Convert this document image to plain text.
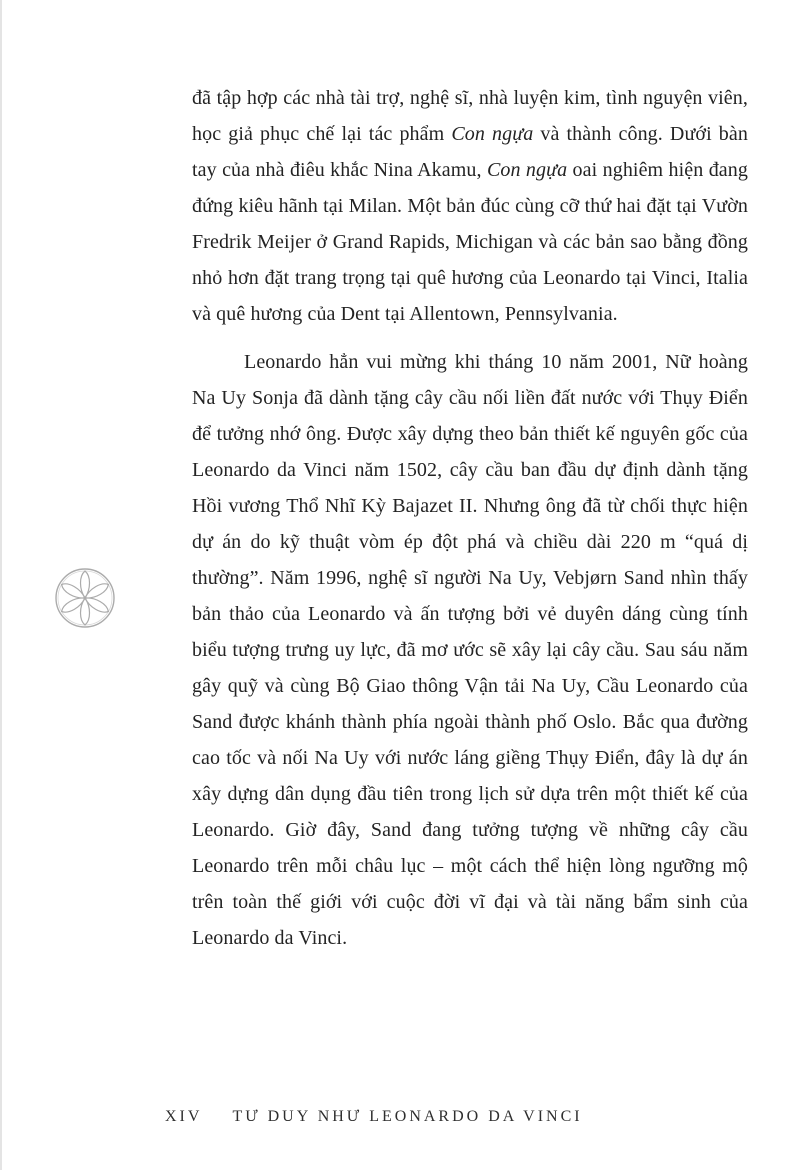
đã tập hợp các nhà tài trợ, nghệ sĩ, nhà luyện kim, tình nguyện viên, học giả phục chế lại tác phẩm Con ngựa và thành công. Dưới bàn tay của nhà điêu khắc Nina Akamu, Con ngựa oai nghiêm hiện đang đứng kiêu hãnh tại Milan. Một bản đúc cùng cỡ thứ hai đặt tại Vườn Fredrik Meijer ở Grand Rapids, Michigan và các bản sao bằng đồng nhỏ hơn đặt trang trọng tại quê hương của Leonardo tại Vinci, Italia và quê hương của Dent tại Allentown, Pennsylvania.

Leonardo hẳn vui mừng khi tháng 10 năm 2001, Nữ hoàng Na Uy Sonja đã dành tặng cây cầu nối liền đất nước với Thụy Điển để tưởng nhớ ông. Được xây dựng theo bản thiết kế nguyên gốc của Leonardo da Vinci năm 1502, cây cầu ban đầu dự định dành tặng Hồi vương Thổ Nhĩ Kỳ Bajazet II. Nhưng ông đã từ chối thực hiện dự án do kỹ thuật vòm ép đột phá và chiều dài 220 m “quá dị thường”. Năm 1996, nghệ sĩ người Na Uy, Vebjørn Sand nhìn thấy bản thảo của Leonardo và ấn tượng bởi vẻ duyên dáng cùng tính biểu tượng trưng uy lực, đã mơ ước sẽ xây lại cây cầu. Sau sáu năm gây quỹ và cùng Bộ Giao thông Vận tải Na Uy, Cầu Leonardo của Sand được khánh thành phía ngoài thành phố Oslo. Bắc qua đường cao tốc và nối Na Uy với nước láng giềng Thụy Điển, đây là dự án xây dựng dân dụng đầu tiên trong lịch sử dựa trên một thiết kế của Leonardo. Giờ đây, Sand đang tưởng tượng về những cây cầu Leonardo trên mỗi châu lục – một cách thể hiện lòng ngưỡng mộ trên toàn thế giới với cuộc đời vĩ đại và tài năng bẩm sinh của Leonardo da Vinci.

XIV TƯ DUY NHƯ LEONARDO DA VINCI
